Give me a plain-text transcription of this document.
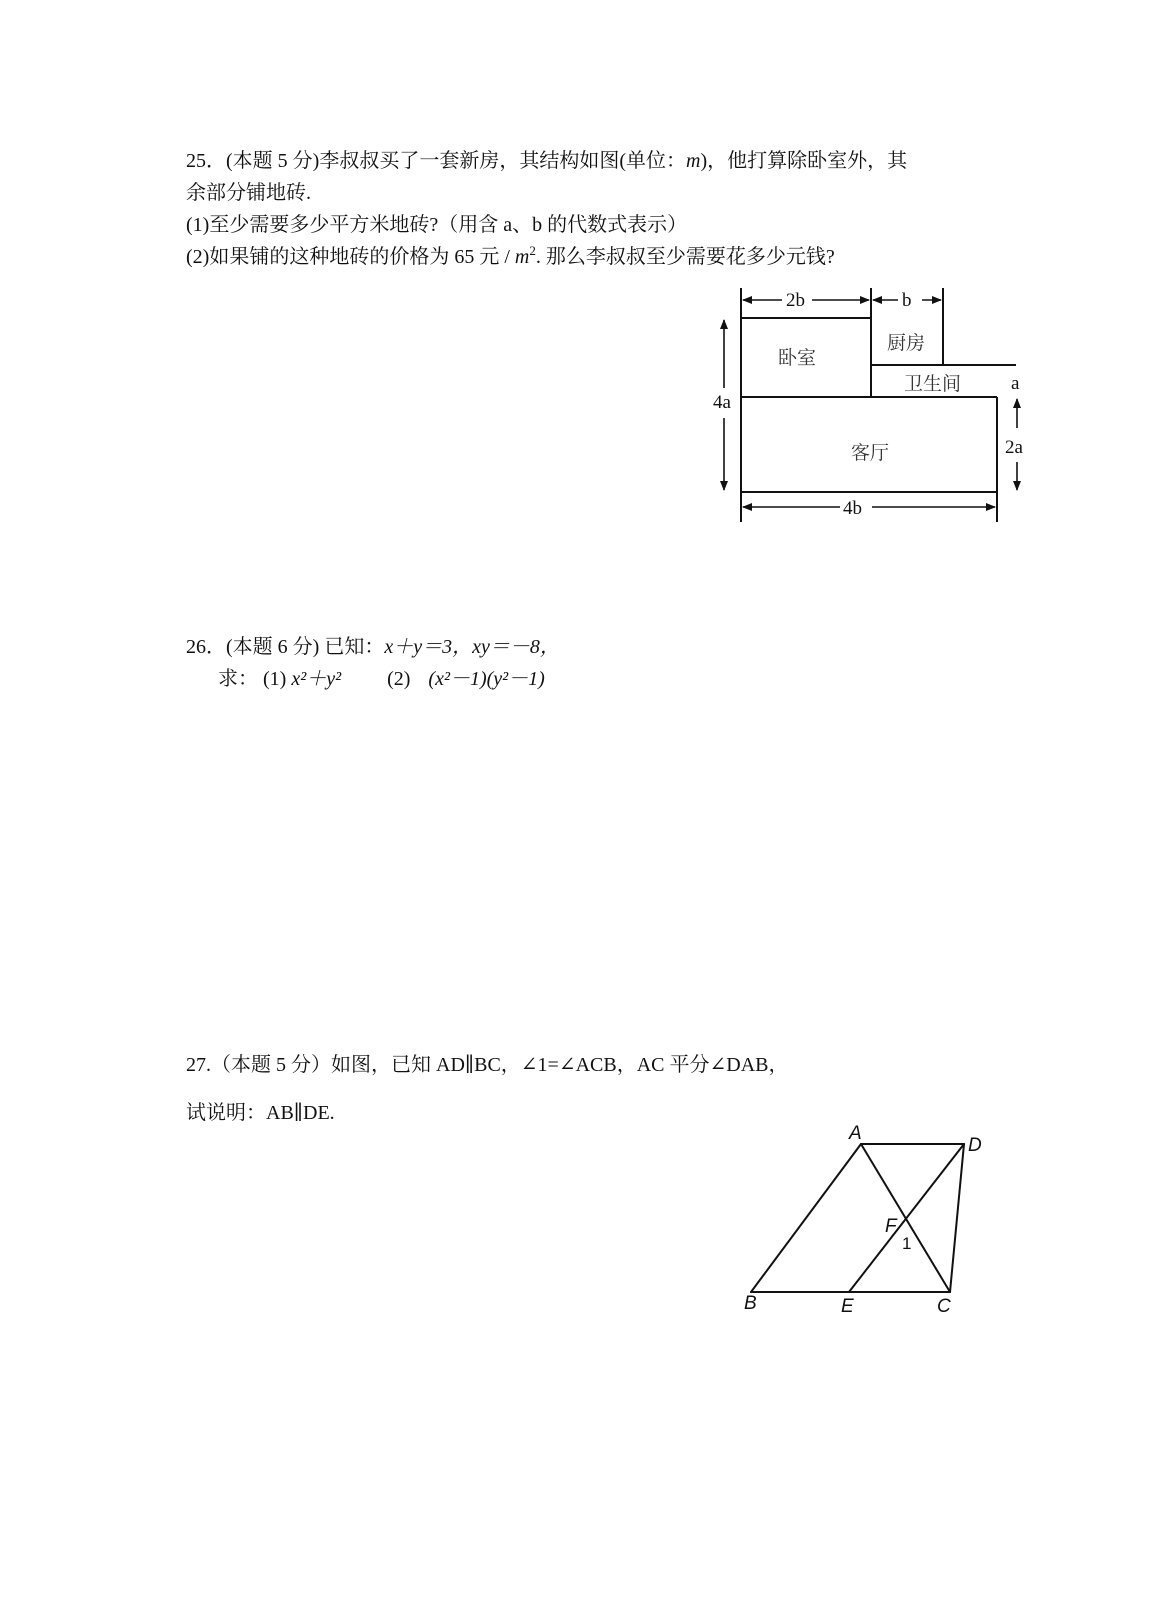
25．(本题 5 分)李叔叔买了一套新房，其结构如图(单位：m)，他打算除卧室外，其
余部分铺地砖.
(1)至少需要多少平方米地砖?（用含 a、b 的代数式表示）
(2)如果铺的这种地砖的价格为 65 元 / $m^2$. 那么李叔叔至少需要花多少元钱?
卧室
厨房
卫生间
客厅
2b	b
4a
a
2a
4b
26．(本题 6 分) 已知：x＋y＝3，xy＝－8，
求： (1) x²＋y² (2) (x²－1)(y²－1)
27.（本题 5 分）如图，已知 AD∥BC，∠1=∠ACB，AC 平分∠DAB，
试说明：AB∥DE.
A
D
F
1
B	E	C
